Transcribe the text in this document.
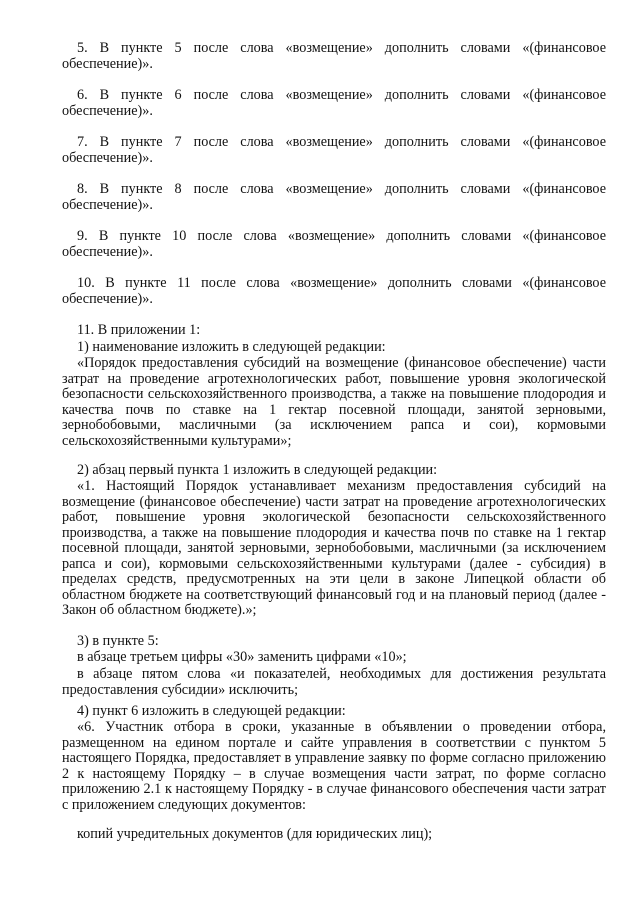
5. В пункте 5 после слова «возмещение» дополнить словами «(финансовое обеспечение)».

6. В пункте 6 после слова «возмещение» дополнить словами «(финансовое обеспечение)».

7. В пункте 7 после слова «возмещение» дополнить словами «(финансовое обеспечение)».

8. В пункте 8 после слова «возмещение» дополнить словами «(финансовое обеспечение)».

9. В пункте 10 после слова «возмещение» дополнить словами «(финансовое обеспечение)».

10. В пункте 11 после слова «возмещение» дополнить словами «(финансовое обеспечение)».

11. В приложении 1:

1) наименование изложить в следующей редакции:

«Порядок предоставления субсидий на возмещение (финансовое обеспечение) части затрат на проведение агротехнологических работ, повышение уровня экологической безопасности сельскохозяйственного производства, а также на повышение плодородия и качества почв по ставке на 1 гектар посевной площади, занятой зерновыми, зернобобовыми, масличными (за исключением рапса и сои), кормовыми сельскохозяйственными культурами»;

2) абзац первый пункта 1 изложить в следующей редакции:

«1. Настоящий Порядок устанавливает механизм предоставления субсидий на возмещение (финансовое обеспечение) части затрат на проведение агротехнологических работ, повышение уровня экологической безопасности сельскохозяйственного производства, а также на повышение плодородия и качества почв по ставке на 1 гектар посевной площади, занятой зерновыми, зернобобовыми, масличными (за исключением рапса и сои), кормовыми сельскохозяйственными культурами (далее - субсидия) в пределах средств, предусмотренных на эти цели в законе Липецкой области об областном бюджете на соответствующий финансовый год и на плановый период (далее - Закон об областном бюджете).»;

3) в пункте 5:

в абзаце третьем цифры «30» заменить цифрами «10»;

в абзаце пятом слова «и показателей, необходимых для достижения результата предоставления субсидии» исключить;

4) пункт 6 изложить в следующей редакции:

«6. Участник отбора в сроки, указанные в объявлении о проведении отбора, размещенном на едином портале и сайте управления в соответствии с пунктом 5 настоящего Порядка, предоставляет в управление заявку по форме согласно приложению 2 к настоящему Порядку – в случае возмещения части затрат, по форме согласно приложению 2.1 к настоящему Порядку - в случае финансового обеспечения части затрат с приложением следующих документов:

копий учредительных документов (для юридических лиц);
